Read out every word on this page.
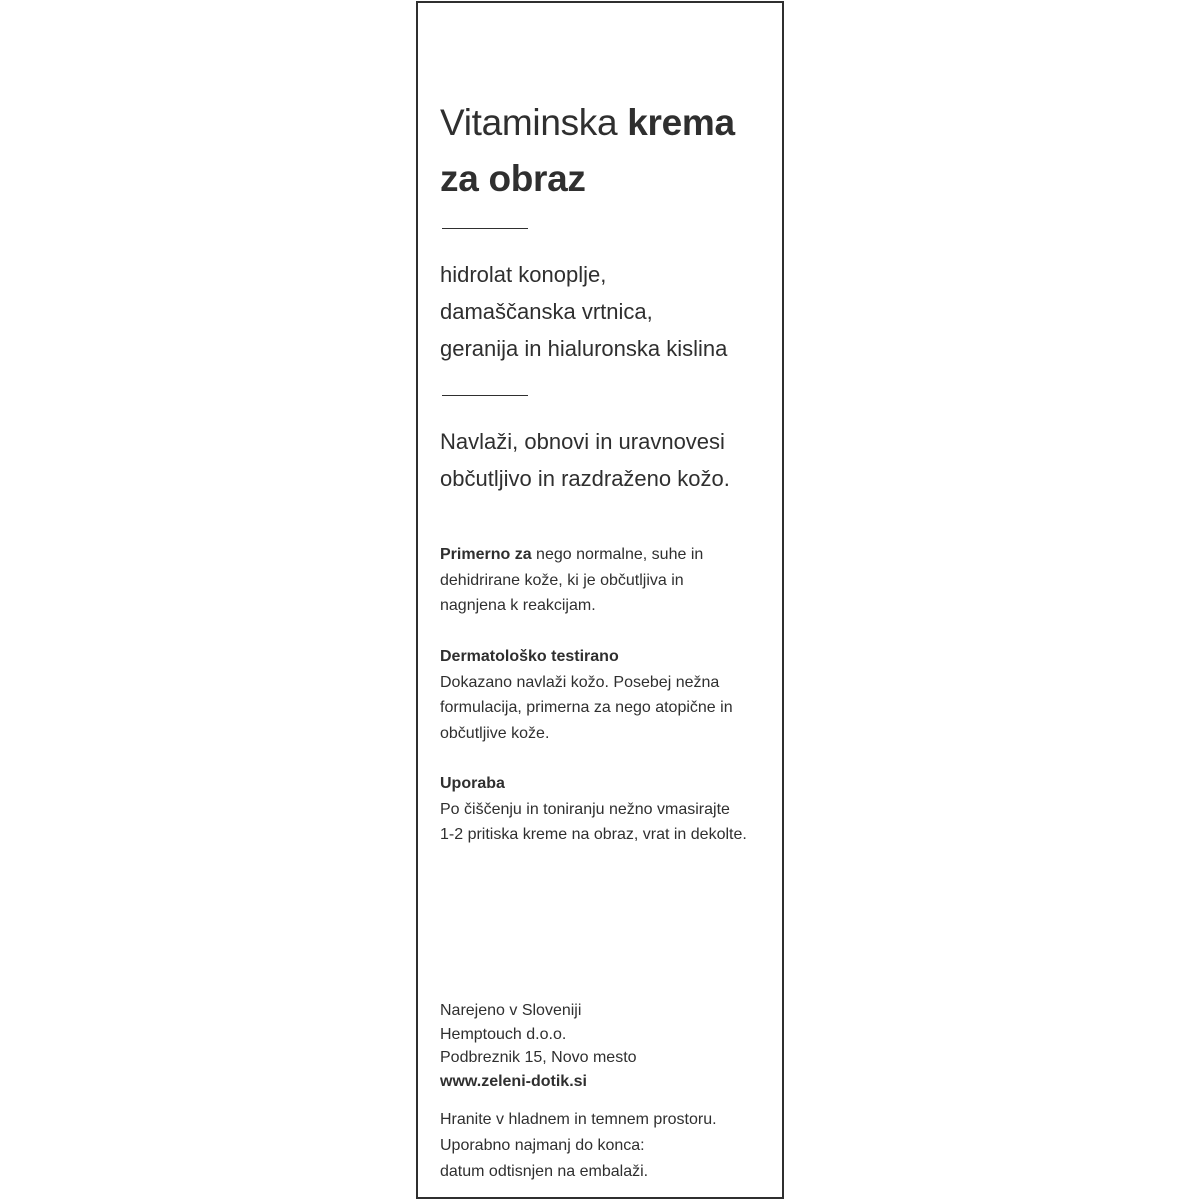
Vitaminska krema
za obraz

hidrolat konoplje,
damaščanska vrtnica,
geranija in hialuronska kislina

Navlaži, obnovi in uravnovesi
občutljivo in razdraženo kožo.

Primerno za nego normalne, suhe in
dehidrirane kože, ki je občutljiva in
nagnjena k reakcijam.

Dermatološko testirano
Dokazano navlaži kožo. Posebej nežna
formulacija, primerna za nego atopične in
občutljive kože.

Uporaba
Po čiščenju in toniranju nežno vmasirajte
1-2 pritiska kreme na obraz, vrat in dekolte.

Narejeno v Sloveniji
Hemptouch d.o.o.
Podbreznik 15, Novo mesto
www.zeleni-dotik.si

Hranite v hladnem in temnem prostoru.
Uporabno najmanj do konca:
datum odtisnjen na embalaži.
